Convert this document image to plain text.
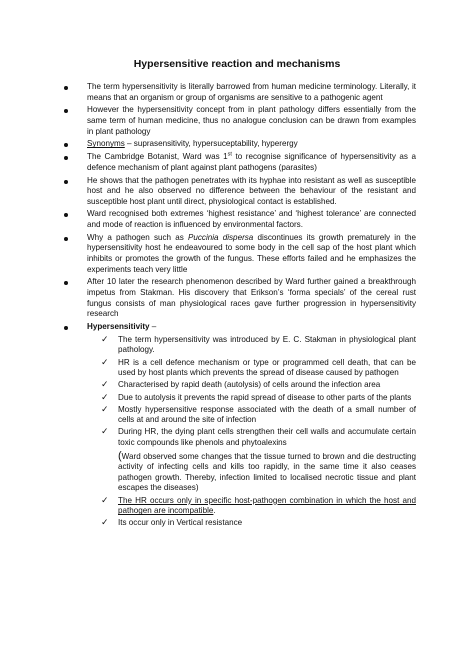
Hypersensitive reaction and mechanisms
The term hypersensitivity is literally barrowed from human medicine terminology. Literally, it means that an organism or group of organisms are sensitive to a pathogenic agent
However the hypersensitivity concept from in plant pathology differs essentially from the same term of human medicine, thus no analogue conclusion can be drawn from examples in plant pathology
Synonyms – suprasensitivity, hypersuceptability, hyperergy
The Cambridge Botanist, Ward was 1st to recognise significance of hypersensitivity as a defence mechanism of plant against plant pathogens (parasites)
He shows that the pathogen penetrates with its hyphae into resistant as well as susceptible host and he also observed no difference between the behaviour of the resistant and susceptible host plant until direct, physiological contact is established.
Ward recognised both extremes ‘highest resistance’ and ‘highest tolerance’ are connected and mode of reaction is influenced by environmental factors.
Why a pathogen such as Puccinia dispersa discontinues its growth prematurely in the hypersensitivity host he endeavoured to some body in the cell sap of the host plant which inhibits or promotes the growth of the fungus. These efforts failed and he emphasizes the experiments teach very little
After 10 later the research phenomenon described by Ward further gained a breakthrough impetus from Stakman. His discovery that Erikson’s ‘forma specials’ of the cereal rust fungus consists of man physiological races gave further progression in hypersensitivity research
Hypersensitivity –
✓ The term hypersensitivity was introduced by E. C. Stakman in physiological plant pathology.
✓ HR is a cell defence mechanism or type or programmed cell death, that can be used by host plants which prevents the spread of disease caused by pathogen
✓ Characterised by rapid death (autolysis) of cells around the infection area
✓ Due to autolysis it prevents the rapid spread of disease to other parts of the plants
✓ Mostly hypersensitive response associated with the death of a small number of cells at and around the site of infection
✓ During HR, the dying plant cells strengthen their cell walls and accumulate certain toxic compounds like phenols and phytoalexins
(Ward observed some changes that the tissue turned to brown and die destructing activity of infecting cells and kills too rapidly, in the same time it also ceases pathogen growth. Thereby, infection limited to localised necrotic tissue and plant escapes the diseases)
✓ The HR occurs only in specific host-pathogen combination in which the host and pathogen are incompatible.
✓ Its occur only in Vertical resistance
